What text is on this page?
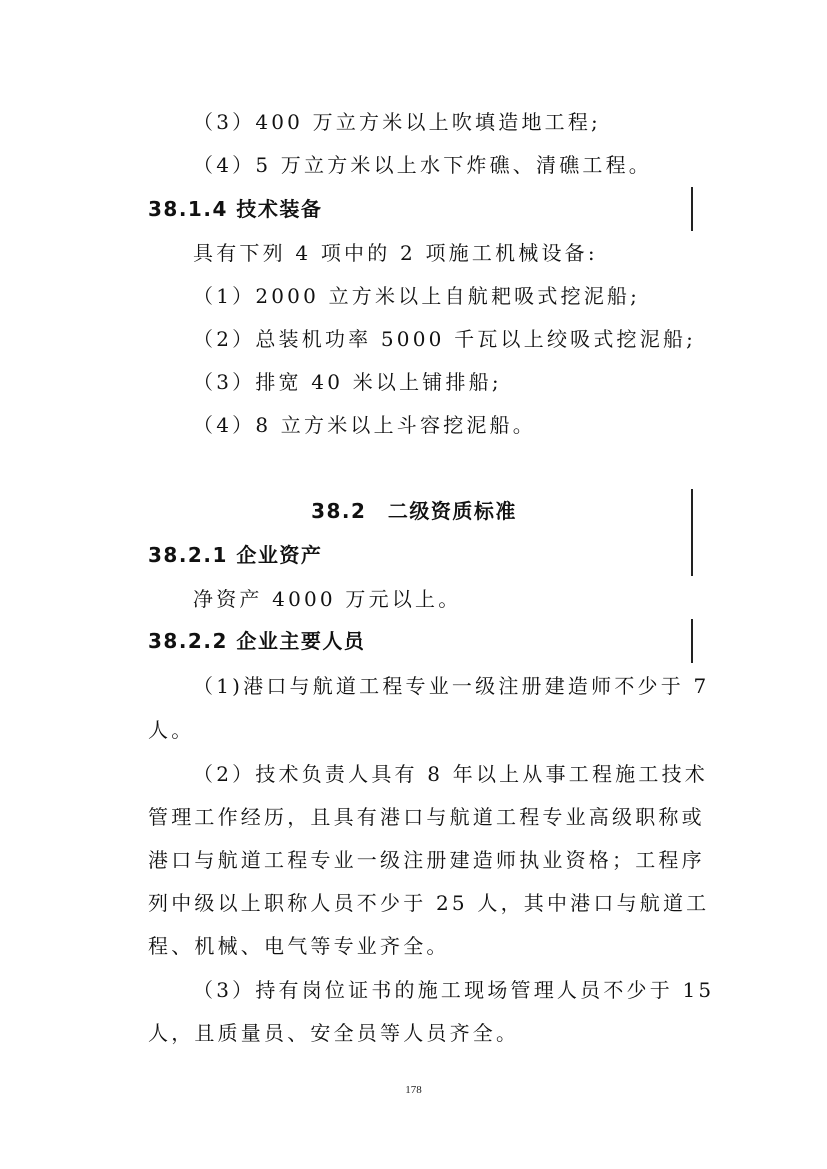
（3）400 万立方米以上吹填造地工程;
（4）5 万立方米以上水下炸礁、清礁工程。
38.1.4 技术装备
具有下列 4 项中的 2 项施工机械设备:
（1）2000 立方米以上自航耙吸式挖泥船;
（2）总装机功率 5000 千瓦以上绞吸式挖泥船;
（3）排宽 40 米以上铺排船;
（4）8 立方米以上斗容挖泥船。
38.2　二级资质标准
38.2.1 企业资产
净资产 4000 万元以上。
38.2.2 企业主要人员
（1)港口与航道工程专业一级注册建造师不少于 7
人。
（2）技术负责人具有 8 年以上从事工程施工技术
管理工作经历，且具有港口与航道工程专业高级职称或
港口与航道工程专业一级注册建造师执业资格；工程序
列中级以上职称人员不少于 25 人，其中港口与航道工
程、机械、电气等专业齐全。
（3）持有岗位证书的施工现场管理人员不少于 15
人，且质量员、安全员等人员齐全。
178
